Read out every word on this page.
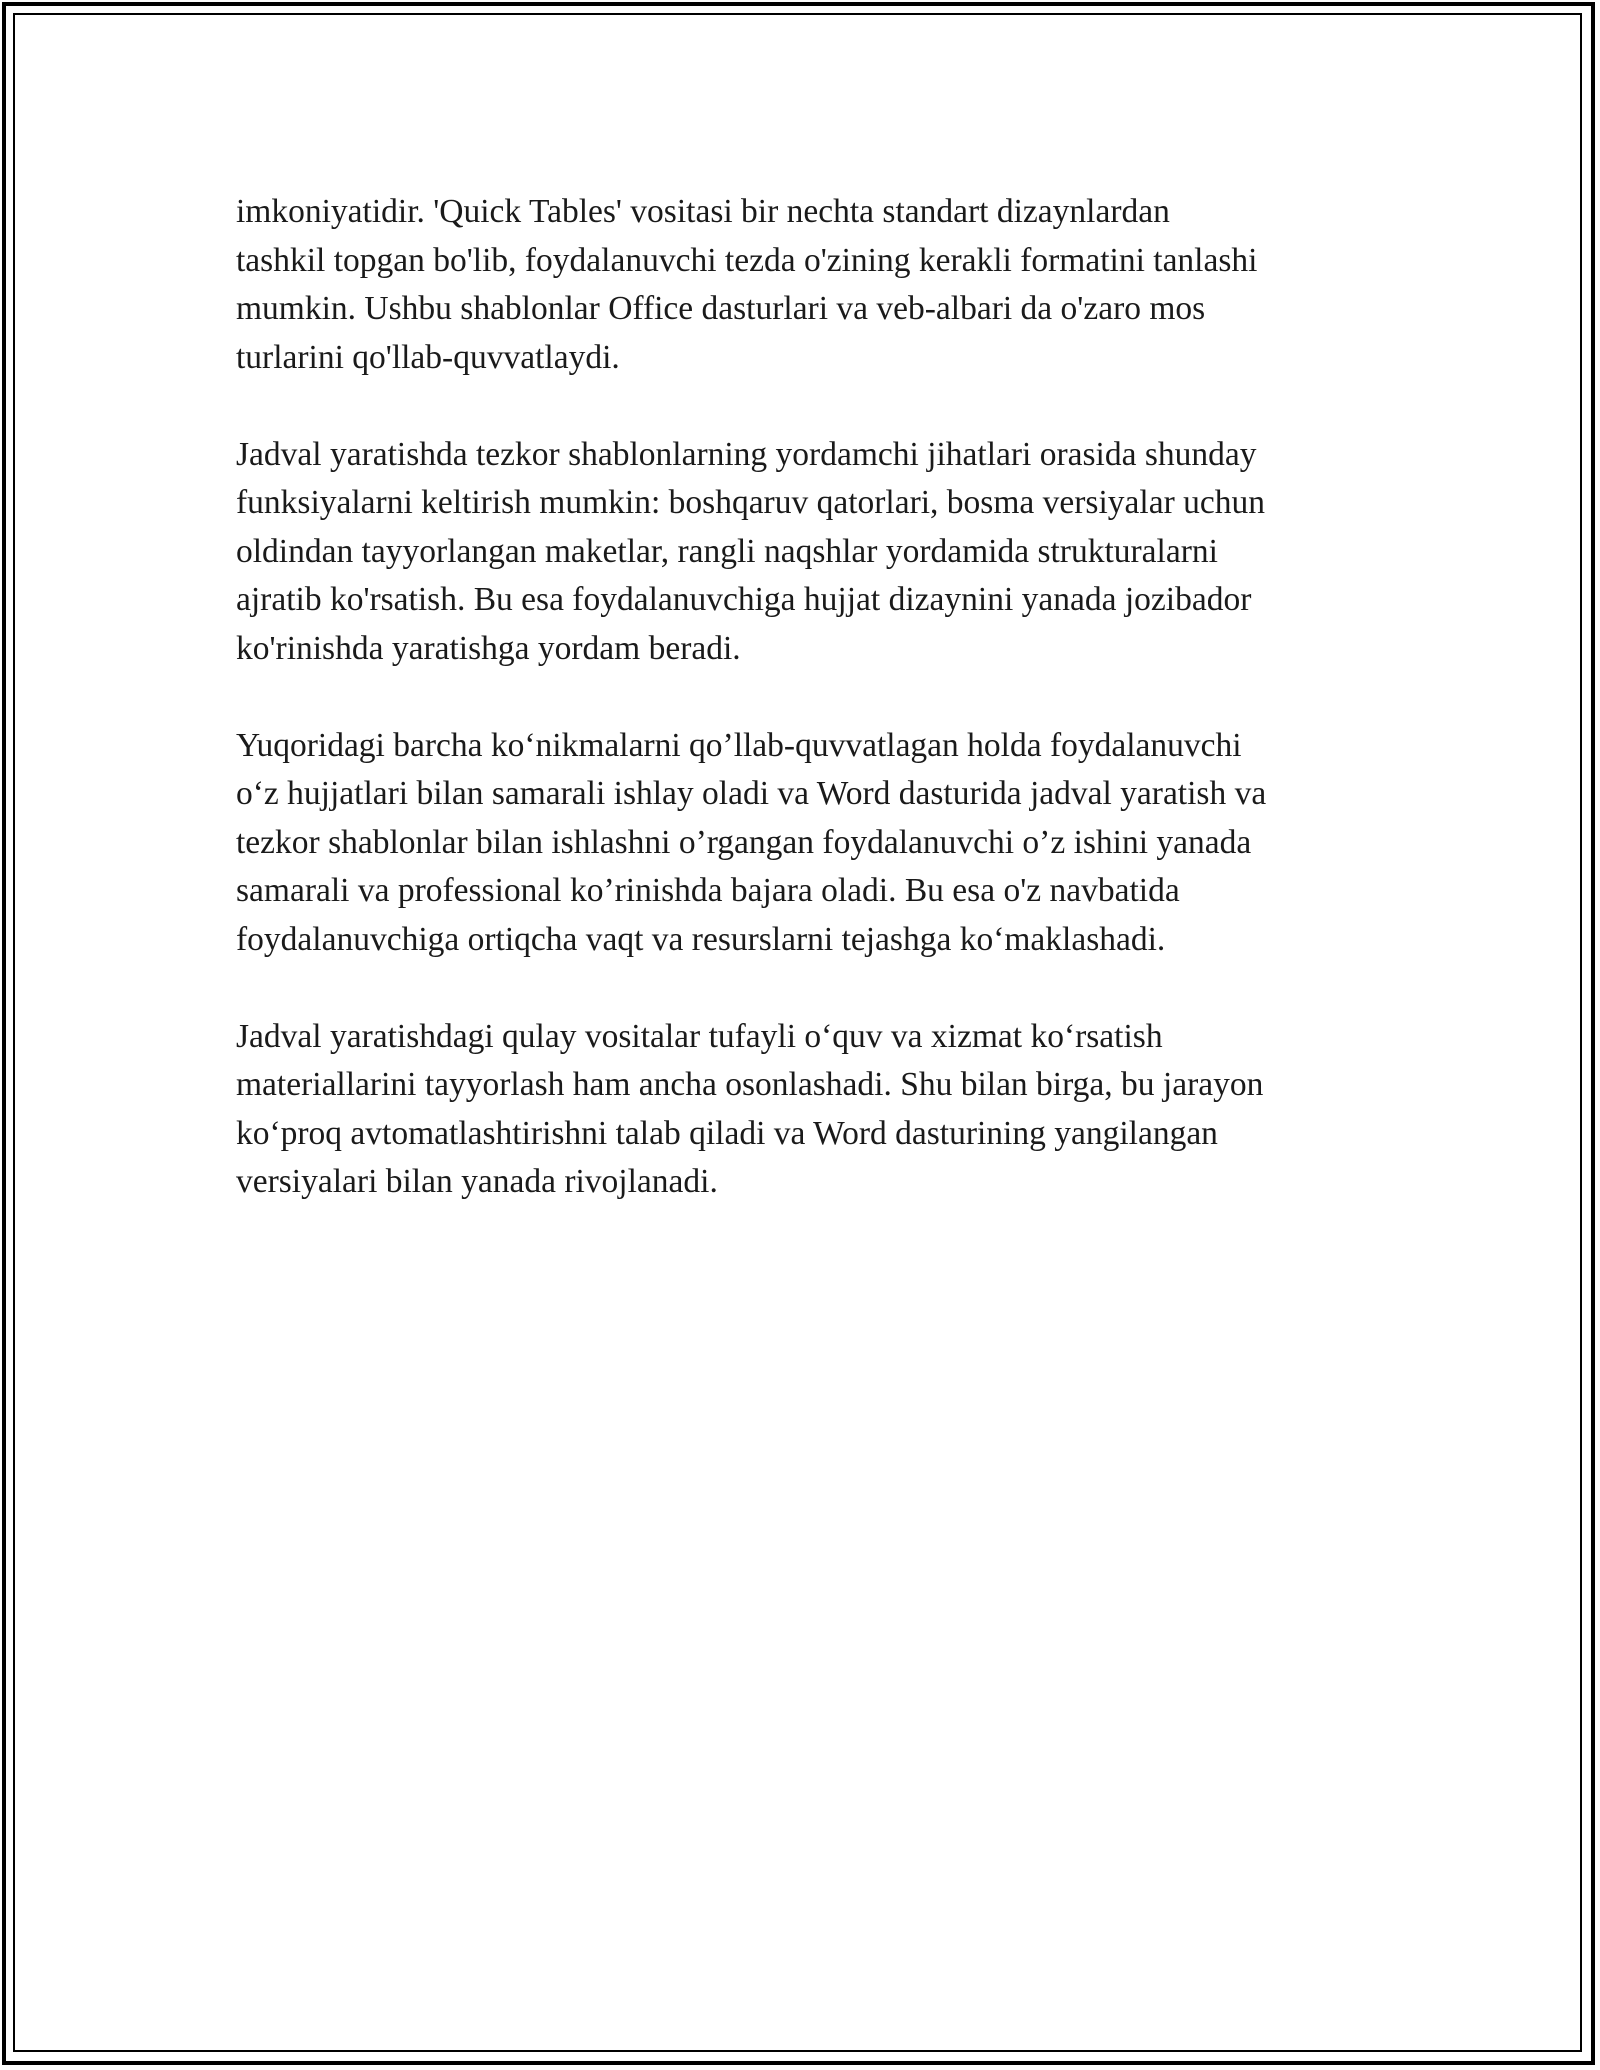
imkoniyatidir. 'Quick Tables' vositasi bir nechta standart dizaynlardan
tashkil topgan bo'lib, foydalanuvchi tezda o'zining kerakli formatini tanlashi
mumkin. Ushbu shablonlar Office dasturlari va veb-albari da o'zaro mos
turlarini qo'llab-quvvatlaydi.

Jadval yaratishda tezkor shablonlarning yordamchi jihatlari orasida shunday
funksiyalarni keltirish mumkin: boshqaruv qatorlari, bosma versiyalar uchun
oldindan tayyorlangan maketlar, rangli naqshlar yordamida strukturalarni
ajratib ko'rsatish. Bu esa foydalanuvchiga hujjat dizaynini yanada jozibador
ko'rinishda yaratishga yordam beradi.

Yuqoridagi barcha ko‘nikmalarni qo’llab-quvvatlagan holda foydalanuvchi
o‘z hujjatlari bilan samarali ishlay oladi va Word dasturida jadval yaratish va
tezkor shablonlar bilan ishlashni o’rgangan foydalanuvchi o’z ishini yanada
samarali va professional ko’rinishda bajara oladi. Bu esa o'z navbatida
foydalanuvchiga ortiqcha vaqt va resurslarni tejashga ko‘maklashadi.

Jadval yaratishdagi qulay vositalar tufayli o‘quv va xizmat ko‘rsatish
materiallarini tayyorlash ham ancha osonlashadi. Shu bilan birga, bu jarayon
ko‘proq avtomatlashtirishni talab qiladi va Word dasturining yangilangan
versiyalari bilan yanada rivojlanadi.
